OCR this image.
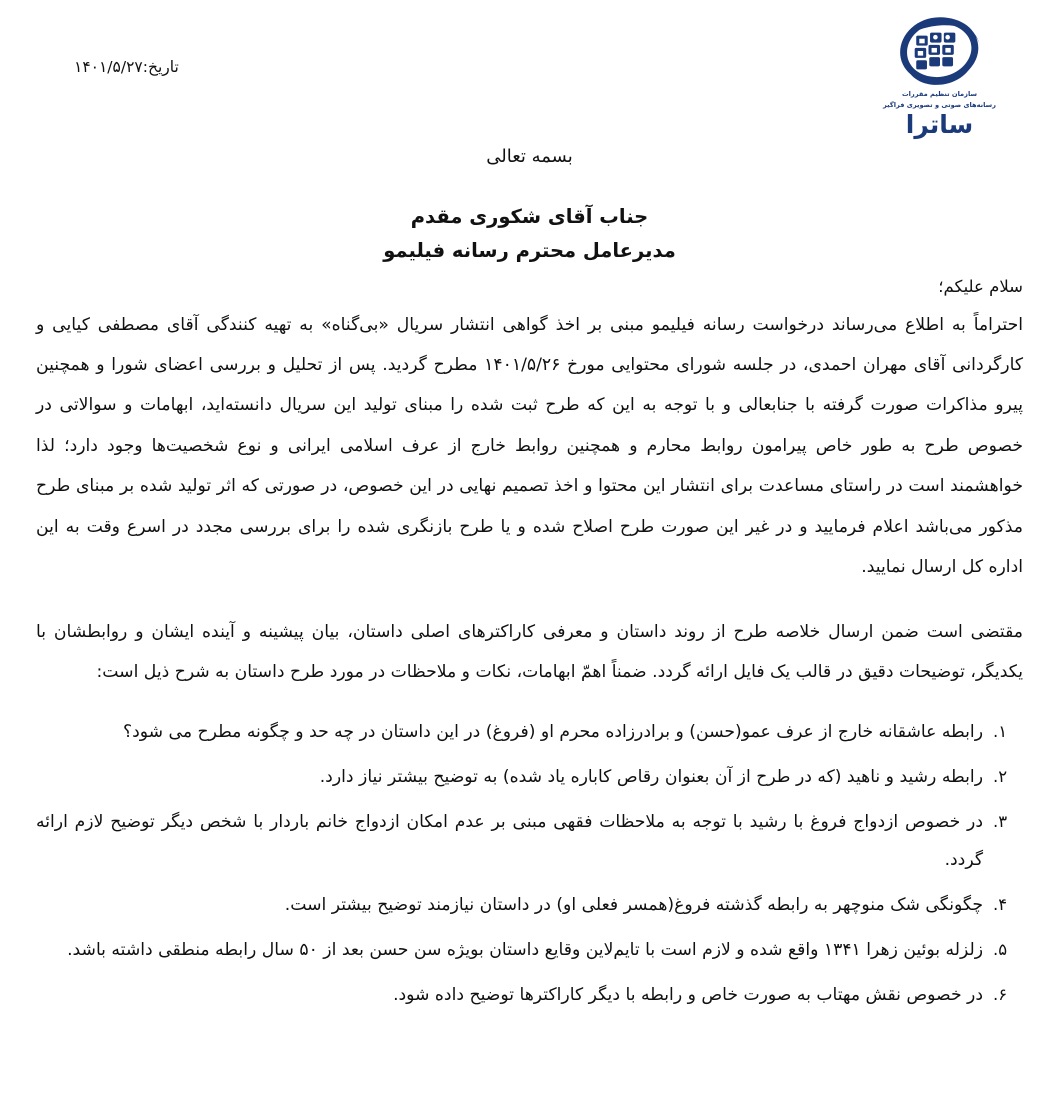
سازمان تنظیم مقررات
رسانه‌های صوتی و تصویری فراگیر
ساترا
تاریخ:۱۴۰۱/۵/۲۷
بسمه تعالی
جناب آقای شکوری مقدم
مدیرعامل محترم رسانه فیلیمو
سلام علیکم؛

احتراماً به اطلاع می‌رساند درخواست رسانه فیلیمو مبنی بر اخذ گواهی انتشار سریال «بی‌گناه» به تهیه کنندگی آقای مصطفی کیایی و کارگردانی آقای مهران احمدی، در جلسه شورای محتوایی مورخ ۱۴۰۱/۵/۲۶ مطرح گردید. پس از تحلیل و بررسی اعضای شورا و همچنین پیرو مذاکرات صورت گرفته با جنابعالی و با توجه به این که طرح ثبت شده را مبنای تولید این سریال دانسته‌اید، ابهامات و سوالاتی در خصوص طرح به طور خاص پیرامون روابط محارم و همچنین روابط خارج از عرف اسلامی ایرانی و نوع شخصیت‌ها وجود دارد؛ لذا خواهشمند است در راستای مساعدت برای انتشار این محتوا و اخذ تصمیم نهایی در این خصوص، در صورتی که اثر تولید شده بر مبنای طرح مذکور می‌باشد اعلام فرمایید و در غیر این صورت طرح اصلاح شده و یا طرح بازنگری شده را برای بررسی مجدد در اسرع وقت به این اداره کل ارسال نمایید.

مقتضی است ضمن ارسال خلاصه طرح از روند داستان و معرفی کاراکترهای اصلی داستان، بیان پیشینه و آینده ایشان و روابطشان با یکدیگر، توضیحات دقیق در قالب یک فایل ارائه گردد. ضمناً اهمّ ابهامات، نکات و ملاحظات در مورد طرح داستان به شرح ذیل است:

۱.
رابطه عاشقانه خارج از عرف عمو(حسن) و برادرزاده محرم او (فروغ) در این داستان در چه حد و چگونه مطرح می شود؟
۲.
رابطه رشید و ناهید (که در طرح از آن بعنوان رقاص کاباره یاد شده) به توضیح بیشتر نیاز دارد.
۳.
در خصوص ازدواج فروغ با رشید با توجه به ملاحظات فقهی مبنی بر عدم امکان ازدواج خانم باردار با شخص دیگر توضیح لازم ارائه گردد.
۴.
چگونگی شک منوچهر به رابطه گذشته فروغ(همسر فعلی او) در داستان نیازمند توضیح بیشتر است.
۵.
زلزله بوئین زهرا ۱۳۴۱ واقع شده و لازم است با تایم‌لاین وقایع داستان بویژه سن حسن بعد از ۵۰ سال رابطه منطقی داشته باشد.
۶.
در خصوص نقش مهتاب به صورت خاص و رابطه با دیگر کاراکترها توضیح داده شود.
